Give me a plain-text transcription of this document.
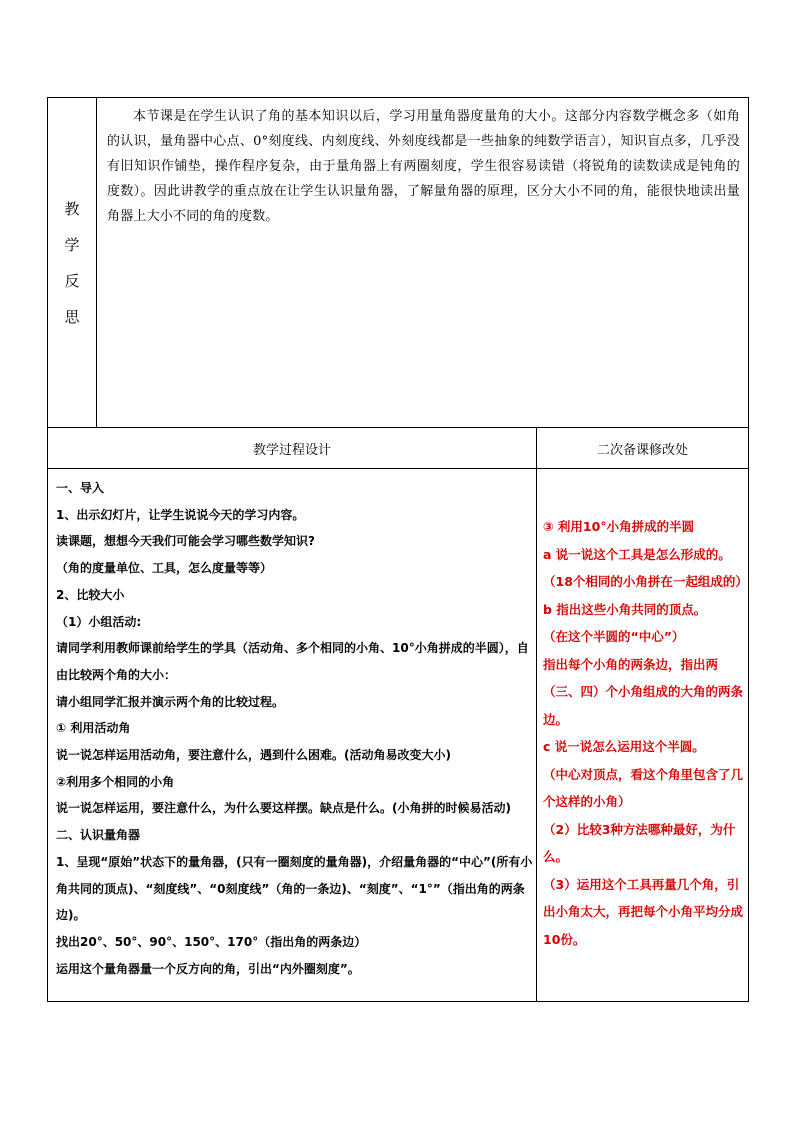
教
学
反
思
本节课是在学生认识了角的基本知识以后，学习用量角器度量角的大小。这部分内容数学概念多（如角的认识，量角器中心点、0°刻度线、内刻度线、外刻度线都是一些抽象的纯数学语言），知识盲点多，几乎没有旧知识作铺垫，操作程序复杂，由于量角器上有两圈刻度，学生很容易读错（将锐角的读数读成是钝角的度数）。因此讲教学的重点放在让学生认识量角器，了解量角器的原理，区分大小不同的角，能很快地读出量角器上大小不同的角的度数。
教学过程设计	二次备课修改处
一、导入
1、出示幻灯片，让学生说说今天的学习内容。
读课题，想想今天我们可能会学习哪些数学知识?
（角的度量单位、工具，怎么度量等等）
2、比较大小
（1）小组活动:
请同学利用教师课前给学生的学具（活动角、多个相同的小角、10°小角拼成的半圆），自由比较两个角的大小：
请小组同学汇报并演示两个角的比较过程。
① 利用活动角
说一说怎样运用活动角，要注意什么，遇到什么困难。(活动角易改变大小)
②利用多个相同的小角
说一说怎样运用，要注意什么，为什么要这样摆。缺点是什么。(小角拼的时候易活动)
二、认识量角器
1、呈现“原始”状态下的量角器，(只有一圈刻度的量角器)，介绍量角器的“中心”(所有小角共同的顶点)、“刻度线”、“0刻度线”（角的一条边)、“刻度”、“1°”（指出角的两条边)。
找出20°、50°、90°、150°、170°（指出角的两条边）
运用这个量角器量一个反方向的角，引出“内外圈刻度”。
③ 利用10°小角拼成的半圆
a 说一说这个工具是怎么形成的。
（18个相同的小角拼在一起组成的）
b 指出这些小角共同的顶点。
（在这个半圆的“中心”）
指出每个小角的两条边，指出两（三、四）个小角组成的大角的两条边。
c 说一说怎么运用这个半圆。
（中心对顶点，看这个角里包含了几个这样的小角）
（2）比较3种方法哪种最好，为什么。
（3）运用这个工具再量几个角，引出小角太大，再把每个小角平均分成10份。
